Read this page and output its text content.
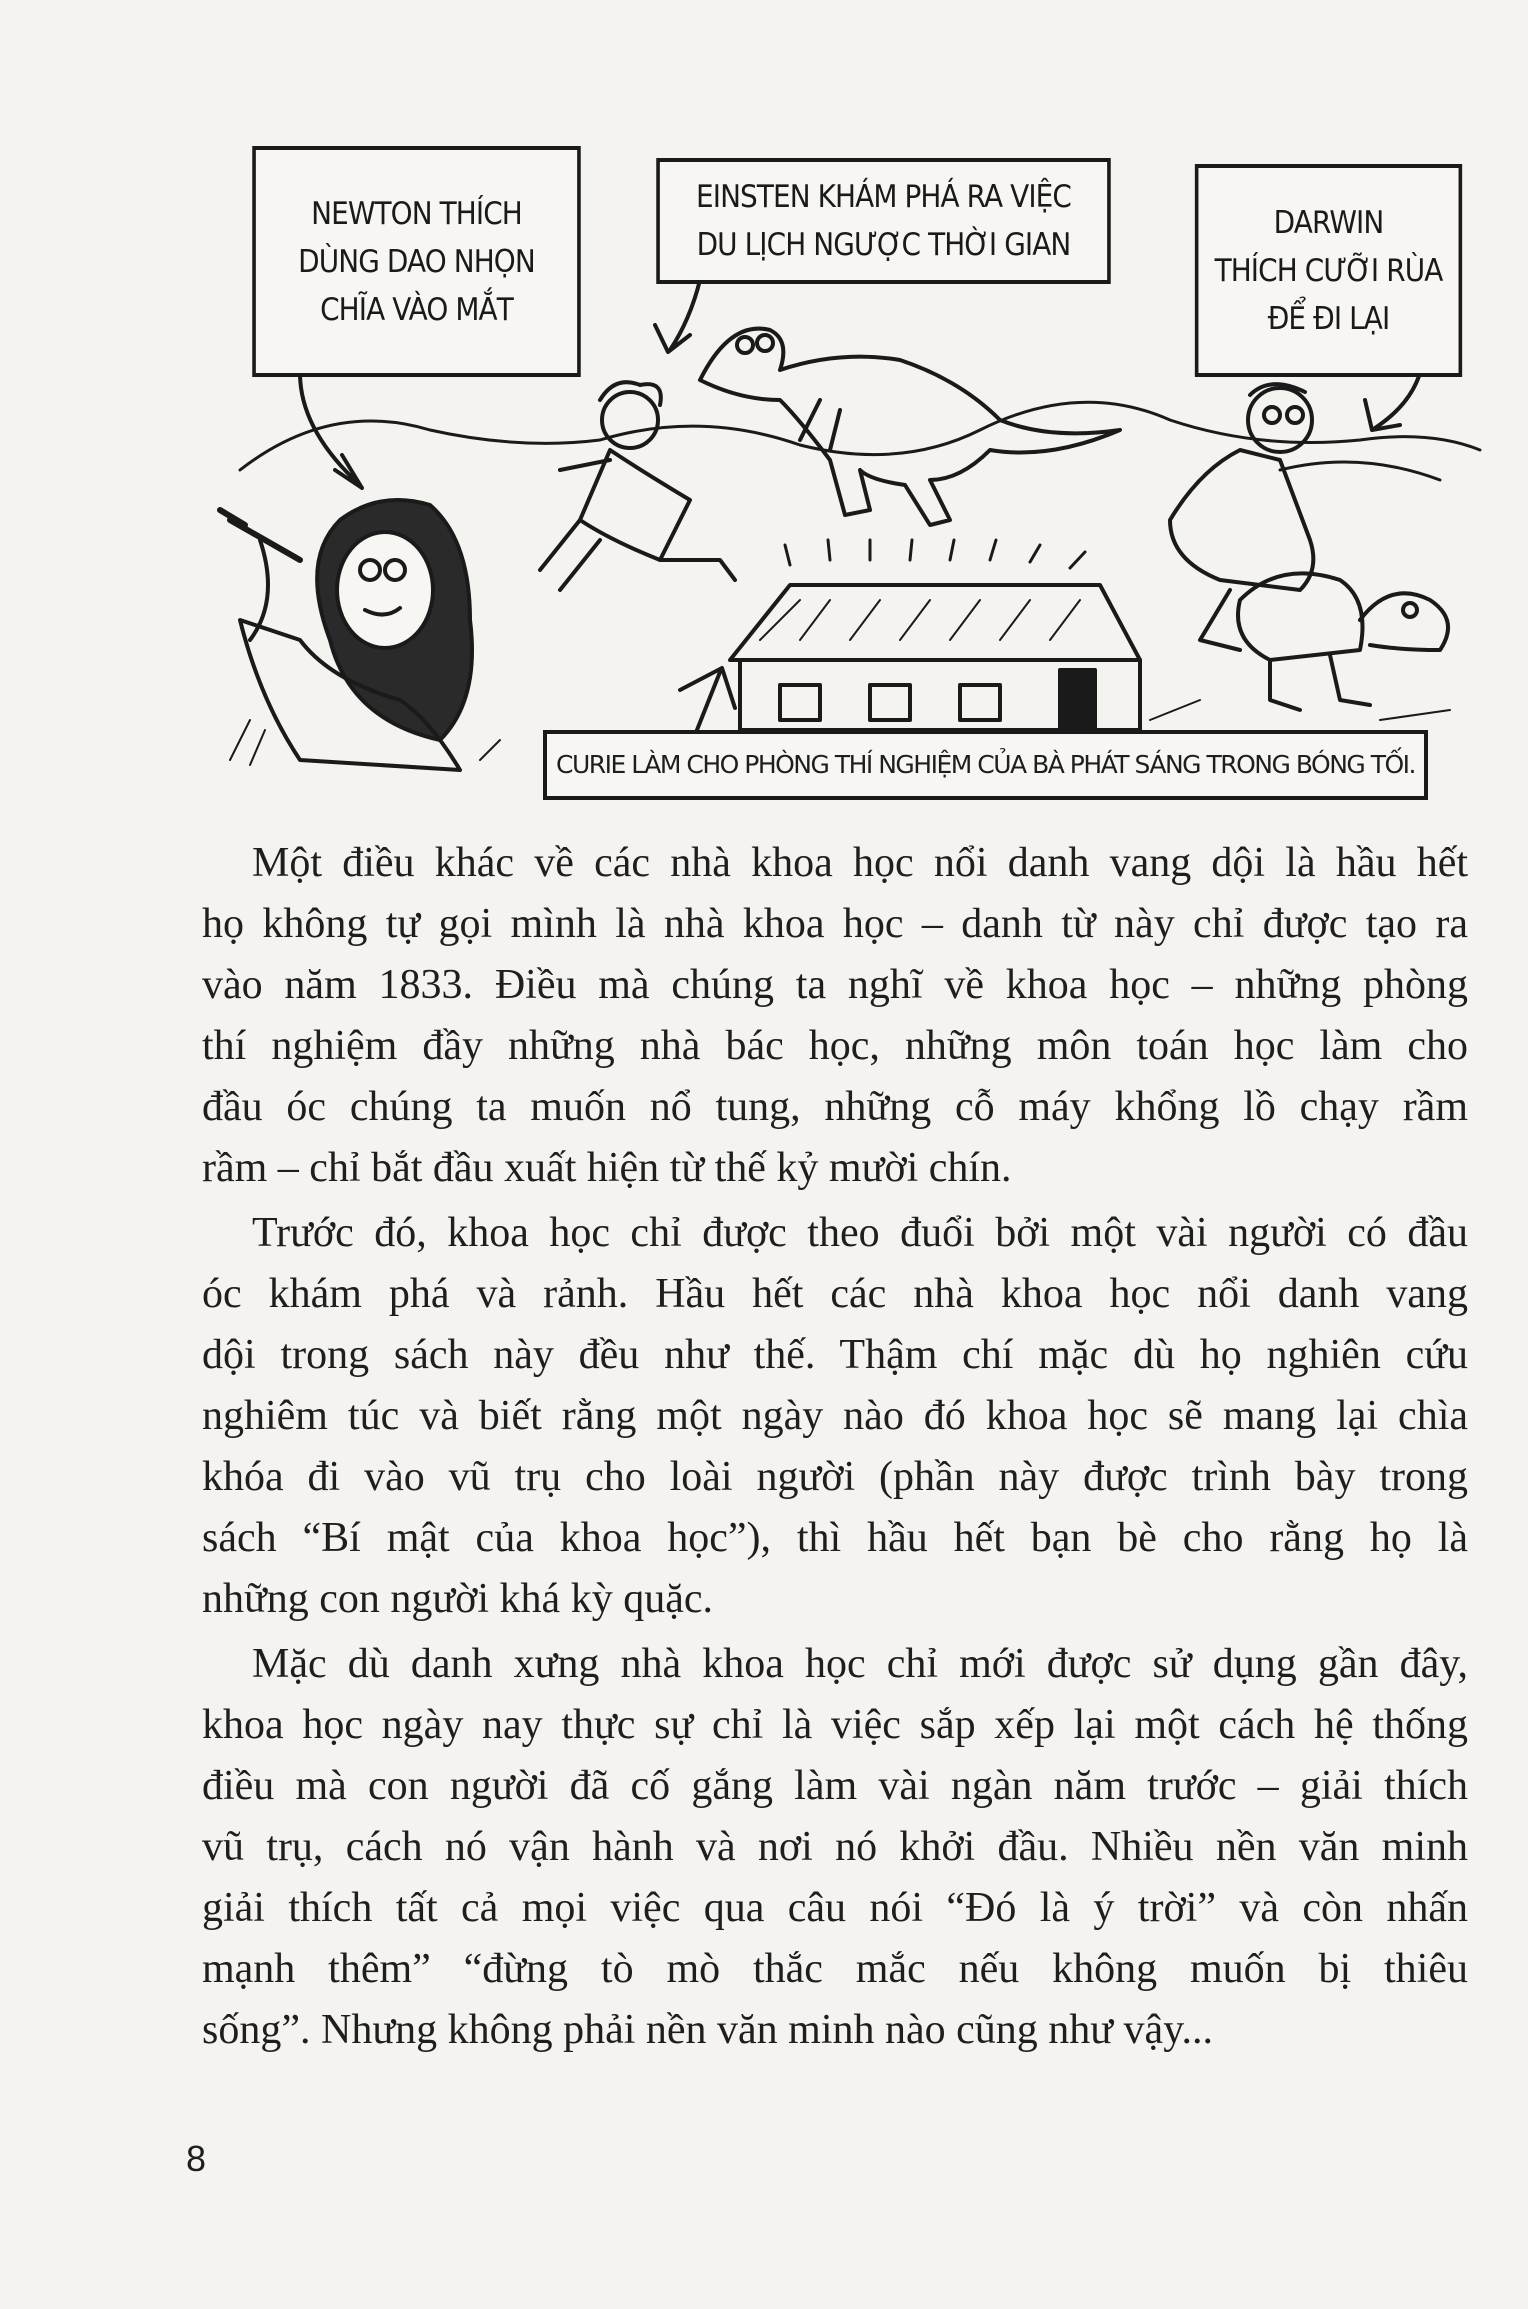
NEWTON THÍCH
DÙNG DAO NHỌN
CHĨA VÀO MẮT
EINSTEN KHÁM PHÁ RA VIỆC
DU LỊCH NGƯỢC THỜI GIAN
DARWIN
THÍCH CƯỠI RÙA
ĐỂ ĐI LẠI
CURIE LÀM CHO PHÒNG THÍ NGHIỆM CỦA BÀ PHÁT SÁNG TRONG BÓNG TỐI.
Một điều khác về các nhà khoa học nổi danh vang dội là hầu hết
họ không tự gọi mình là nhà khoa học – danh từ này chỉ được tạo ra
vào năm 1833. Điều mà chúng ta nghĩ về khoa học – những phòng
thí nghiệm đầy những nhà bác học, những môn toán học làm cho
đầu óc chúng ta muốn nổ tung, những cỗ máy khổng lồ chạy rầm
rầm – chỉ bắt đầu xuất hiện từ thế kỷ mười chín.
Trước đó, khoa học chỉ được theo đuổi bởi một vài người có đầu
óc khám phá và rảnh. Hầu hết các nhà khoa học nổi danh vang
dội trong sách này đều như thế. Thậm chí mặc dù họ nghiên cứu
nghiêm túc và biết rằng một ngày nào đó khoa học sẽ mang lại chìa
khóa đi vào vũ trụ cho loài người (phần này được trình bày trong
sách “Bí mật của khoa học”), thì hầu hết bạn bè cho rằng họ là
những con người khá kỳ quặc.
Mặc dù danh xưng nhà khoa học chỉ mới được sử dụng gần đây,
khoa học ngày nay thực sự chỉ là việc sắp xếp lại một cách hệ thống
điều mà con người đã cố gắng làm vài ngàn năm trước – giải thích
vũ trụ, cách nó vận hành và nơi nó khởi đầu. Nhiều nền văn minh
giải thích tất cả mọi việc qua câu nói “Đó là ý trời” và còn nhấn
mạnh thêm” “đừng tò mò thắc mắc nếu không muốn bị thiêu
sống”. Nhưng không phải nền văn minh nào cũng như vậy...
8
